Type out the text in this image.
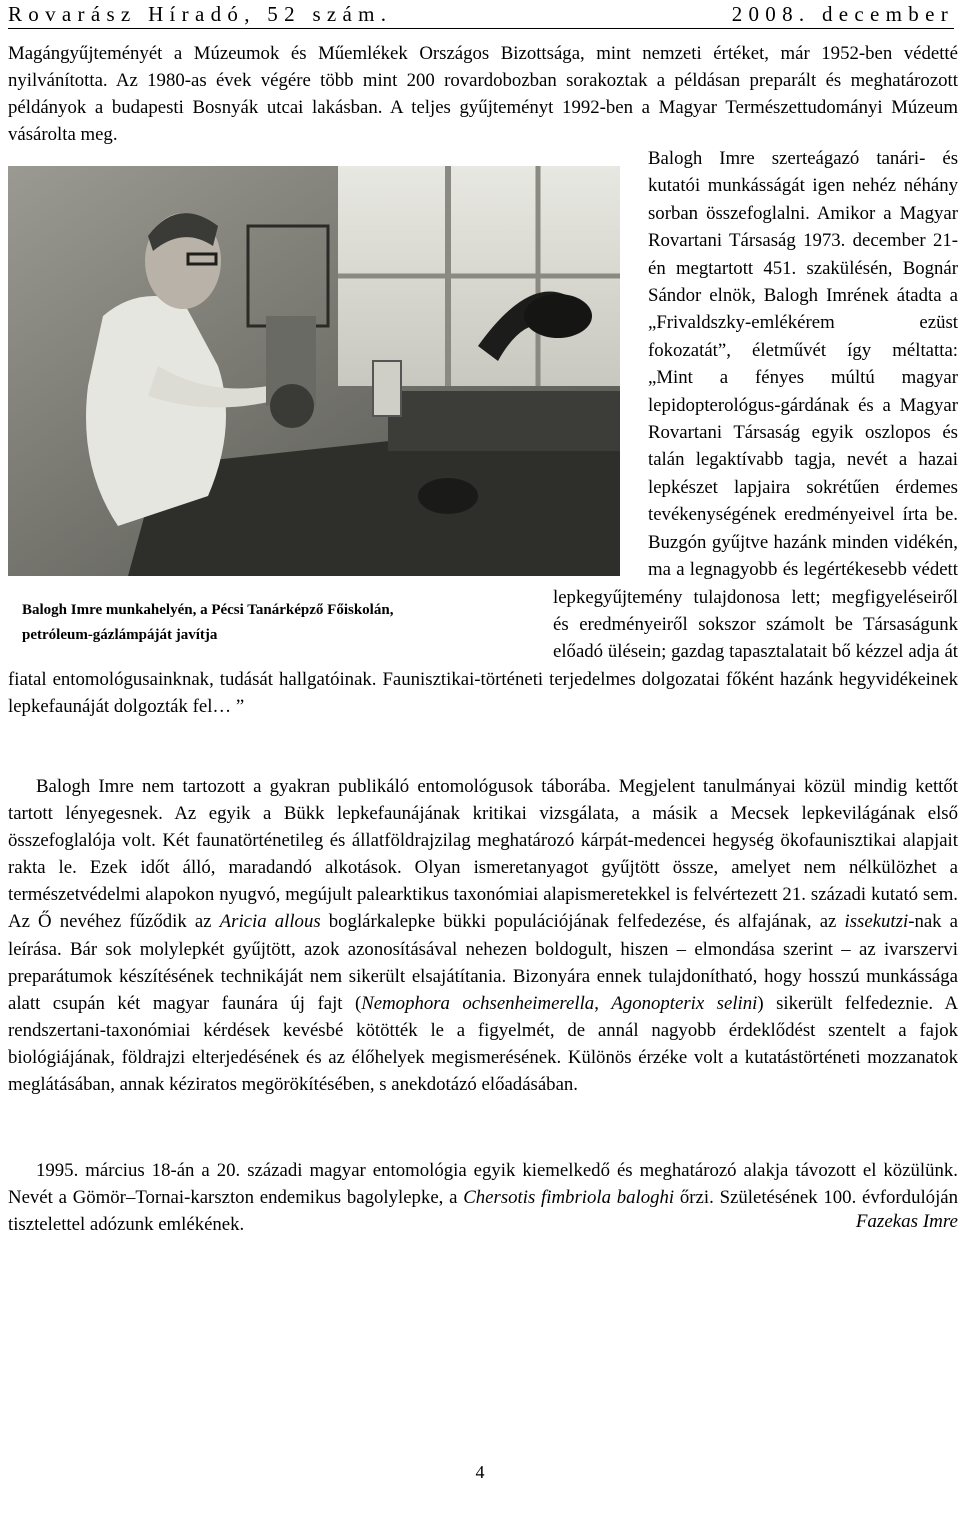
Rovarász Híradó, 52 szám.	2008. december

Magángyűjteményét a Múzeumok és Műemlékek Országos Bizottsága, mint nemzeti értéket, már 1952-ben védetté nyilvánította. Az 1980-as évek végére több mint 200 rovardobozban sorakoztak a példásan preparált és meghatározott példányok a budapesti Bosnyák utcai lakásban. A teljes gyűjteményt 1992-ben a Magyar Természettudományi Múzeum vásárolta meg.

Balogh Imre munkahelyén, a Pécsi Tanárképző Főiskolán,
petróleum-gázlámpáját javítja

Balogh Imre szerteágazó tanári- és kutatói munkásságát igen nehéz néhány sorban összefoglalni. Amikor a Magyar Rovartani Társaság 1973. december 21-én megtartott 451. szakülésén, Bognár Sándor elnök, Balogh Imrének átadta a „Frivaldszky-emlékérem ezüst fokozatát”, életművét így méltatta: „Mint a fényes múltú magyar lepidopterológus-gárdának és a Magyar Rovartani Társaság egyik oszlopos és talán legaktívabb tagja, nevét a hazai lepkészet lapjaira sokrétűen érdemes tevékenységének eredményeivel írta be. Buzgón gyűjtve hazánk minden vidékén, ma a legnagyobb és legértékesebb védett lepkegyűjtemény tulajdonosa lett; megfigyeléseiről és eredményeiről sokszor számolt be Társaságunk előadó ülésein; gazdag tapasztalatait bő kézzel adja át fiatal entomológusainknak, tudását hallgatóinak. Faunisztikai-történeti terjedelmes dolgozatai főként hazánk hegyvidékeinek lepkefaunáját dolgozták fel… ”

Balogh Imre nem tartozott a gyakran publikáló entomológusok táborába. Megjelent tanulmányai közül mindig kettőt tartott lényegesnek. Az egyik a Bükk lepkefaunájának kritikai vizsgálata, a másik a Mecsek lepkevilágának első összefoglalója volt. Két faunatörténetileg és állatföldrajzilag meghatározó kárpát-medencei hegység ökofaunisztikai alapjait rakta le. Ezek időt álló, maradandó alkotások. Olyan ismeretanyagot gyűjtött össze, amelyet nem nélkülözhet a természetvédelmi alapokon nyugvó, megújult palearktikus taxonómiai alapismeretekkel is felvértezett 21. századi kutató sem. Az Ő nevéhez fűződik az Aricia allous boglárkalepke bükki populációjának felfedezése, és alfajának, az issekutzi-nak a leírása. Bár sok molylepkét gyűjtött, azok azonosításával nehezen boldogult, hiszen – elmondása szerint – az ivarszervi preparátumok készítésének technikáját nem sikerült elsajátítania. Bizonyára ennek tulajdonítható, hogy hosszú munkássága alatt csupán két magyar faunára új fajt (Nemophora ochsenheimerella, Agonopterix selini) sikerült felfedeznie. A rendszertani-taxonómiai kérdések kevésbé kötötték le a figyelmét, de annál nagyobb érdeklődést szentelt a fajok biológiájának, földrajzi elterjedésének és az élőhelyek megismerésének. Különös érzéke volt a kutatástörténeti mozzanatok meglátásában, annak kéziratos megörökítésében, s anekdotázó előadásában.

1995. március 18-án a 20. századi magyar entomológia egyik kiemelkedő és meghatározó alakja távozott el közülünk. Nevét a Gömör–Tornai-karszton endemikus bagolylepke, a Chersotis fimbriola baloghi őrzi. Születésének 100. évfordulóján tisztelettel adózunk emlékének.	Fazekas Imre
4
